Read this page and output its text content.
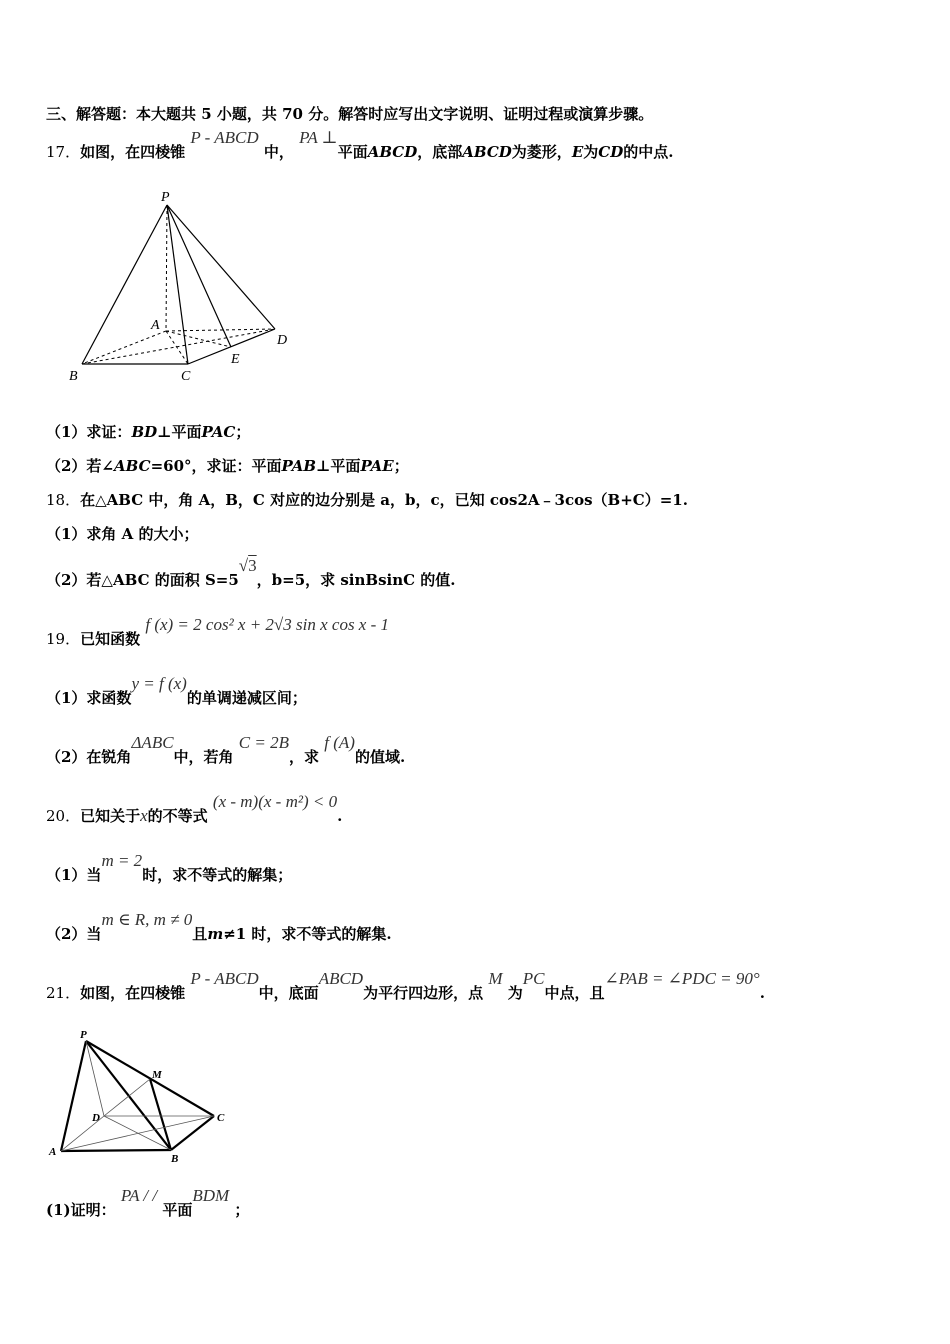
三、解答题：本大题共 5 小题，共 70 分。解答时应写出文字说明、证明过程或演算步骤。
17．如图，在四棱锥 P - ABCD 中， PA ⊥平面ABCD，底部ABCD为菱形，E为CD的中点.
P
A
B	C
D
E
（1）求证：BD⊥平面PAC；
（2）若∠ABC=60°，求证：平面PAB⊥平面PAE；
18．在△ABC 中，角 A，B，C 对应的边分别是 a，b，c，已知 cos2A﹣3cos（B+C）=1.
（1）求角 A 的大小；
（2）若△ABC 的面积 S=5√3，b=5，求 sinBsinC 的值.
19．已知函数 f (x) = 2 cos² x + 2√3 sin x cos x - 1
（1）求函数y = f (x)的单调递减区间；
（2）在锐角ΔABC中，若角 C = 2B，求 f (A)的值域.
20．已知关于x的不等式 (x - m)(x - m²) < 0.
（1）当m = 2时，求不等式的解集；
（2）当m ∈ R, m ≠ 0且m≠1 时，求不等式的解集.
21．如图，在四棱锥 P - ABCD中，底面ABCD为平行四边形，点 M 为PC中点，且∠PAB = ∠PDC = 90°.
P
M
D	C
A
B
(1)证明： PA / / 平面BDM ；
